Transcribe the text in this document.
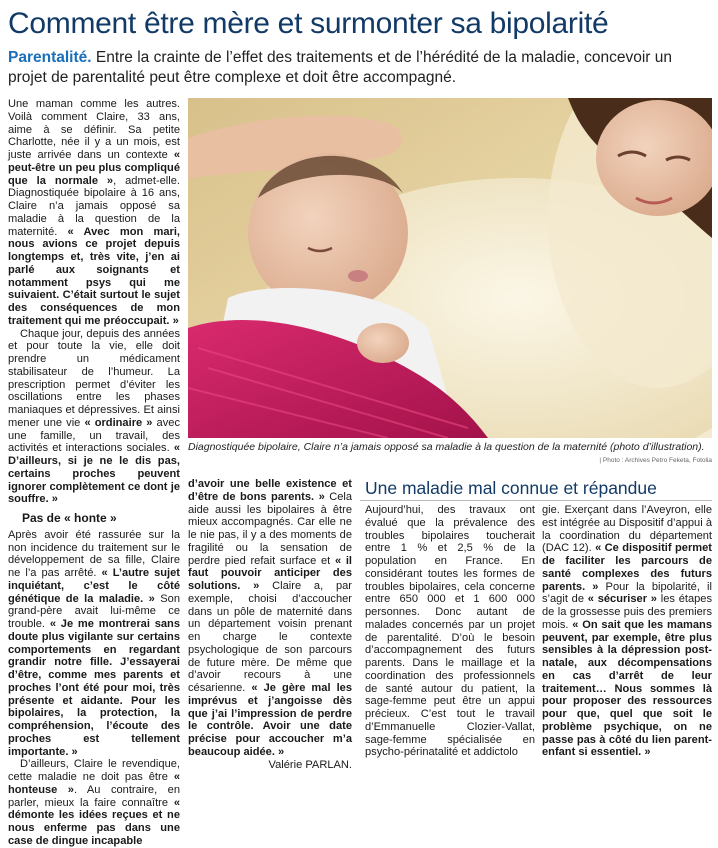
Comment être mère et surmonter sa bipolarité
Parentalité. Entre la crainte de l’effet des traitements et de l’hérédité de la maladie, concevoir un projet de parentalité peut être complexe et doit être accompagné.

Une maman comme les autres. Voilà comment Claire, 33 ans, aime à se définir. Sa petite Charlotte, née il y a un mois, est juste arrivée dans un contexte « peut-être un peu plus compliqué que la normale », admet-elle. Diagnostiquée bipolaire à 16 ans, Claire n’a jamais opposé sa maladie à la question de la maternité. « Avec mon mari, nous avions ce projet depuis longtemps et, très vite, j’en ai parlé aux soignants et notamment psys qui me suivaient. C’était surtout le sujet des conséquences de mon traitement qui me préoccupait. »

Chaque jour, depuis des années et pour toute la vie, elle doit prendre un médicament stabilisateur de l’humeur. La prescription permet d’éviter les oscillations entre les phases maniaques et dépressives. Et ainsi mener une vie « ordinaire » avec une famille, un travail, des activités et interactions sociales. « D’ailleurs, si je ne le dis pas, certains proches peuvent ignorer complètement ce dont je souffre. »

Pas de « honte »

Après avoir été rassurée sur la non incidence du traitement sur le développement de sa fille, Claire ne l’a pas arrêté. « L’autre sujet inquiétant, c’est le côté génétique de la maladie. » Son grand-père avait lui-même ce trouble. « Je me montrerai sans doute plus vigilante sur certains comportements en regardant grandir notre fille. J’essayerai d’être, comme mes parents et proches l’ont été pour moi, très présente et aidante. Pour les bipolaires, la protection, la compréhension, l’écoute des proches est tellement importante. »

D’ailleurs, Claire le revendique, cette maladie ne doit pas être « honteuse ». Au contraire, en parler, mieux la faire connaître « démonte les idées reçues et ne nous enferme pas dans une case de dingue incapable

Diagnostiquée bipolaire, Claire n’a jamais opposé sa maladie à la question de la maternité (photo d’illustration).
| Photo : Archives Petro Feketa, Fotolia

d’avoir une belle existence et d’être de bons parents. » Cela aide aussi les bipolaires à être mieux accompagnés. Car elle ne le nie pas, il y a des moments de fragilité ou la sensation de perdre pied refait surface et « il faut pouvoir anticiper des solutions. » Claire a, par exemple, choisi d’accoucher dans un pôle de maternité dans un département voisin prenant en charge le contexte psychologique de son parcours de future mère. De même que d’avoir recours à une césarienne. « Je gère mal les imprévus et j’angoisse dès que j’ai l’impression de perdre le contrôle. Avoir une date précise pour accoucher m’a beaucoup aidée. »

Valérie PARLAN.

Une maladie mal connue et répandue

Aujourd’hui, des travaux ont évalué que la prévalence des troubles bipolaires toucherait entre 1 % et 2,5 % de la population en France. En considérant toutes les formes de troubles bipolaires, cela concerne entre 650 000 et 1 600 000 personnes. Donc autant de malades concernés par un projet de parentalité. D’où le besoin d’accompagnement des futurs parents. Dans le maillage et la coordination des professionnels de santé autour du patient, la sage-femme peut être un appui précieux. C’est tout le travail d’Emmanuelle Clozier-Vallat, sage-femme spécialisée en psycho-périnatalité et addictolo

gie. Exerçant dans l’Aveyron, elle est intégrée au Dispositif d’appui à la coordination du département (DAC 12). « Ce dispositif permet de faciliter les parcours de santé complexes des futurs parents. » Pour la bipolarité, il s’agit de « sécuriser » les étapes de la grossesse puis des premiers mois. « On sait que les mamans peuvent, par exemple, être plus sensibles à la dépression post-natale, aux décompensations en cas d’arrêt de leur traitement… Nous sommes là pour proposer des ressources pour que, quel que soit le problème psychique, on ne passe pas à côté du lien parent-enfant si essentiel. »
